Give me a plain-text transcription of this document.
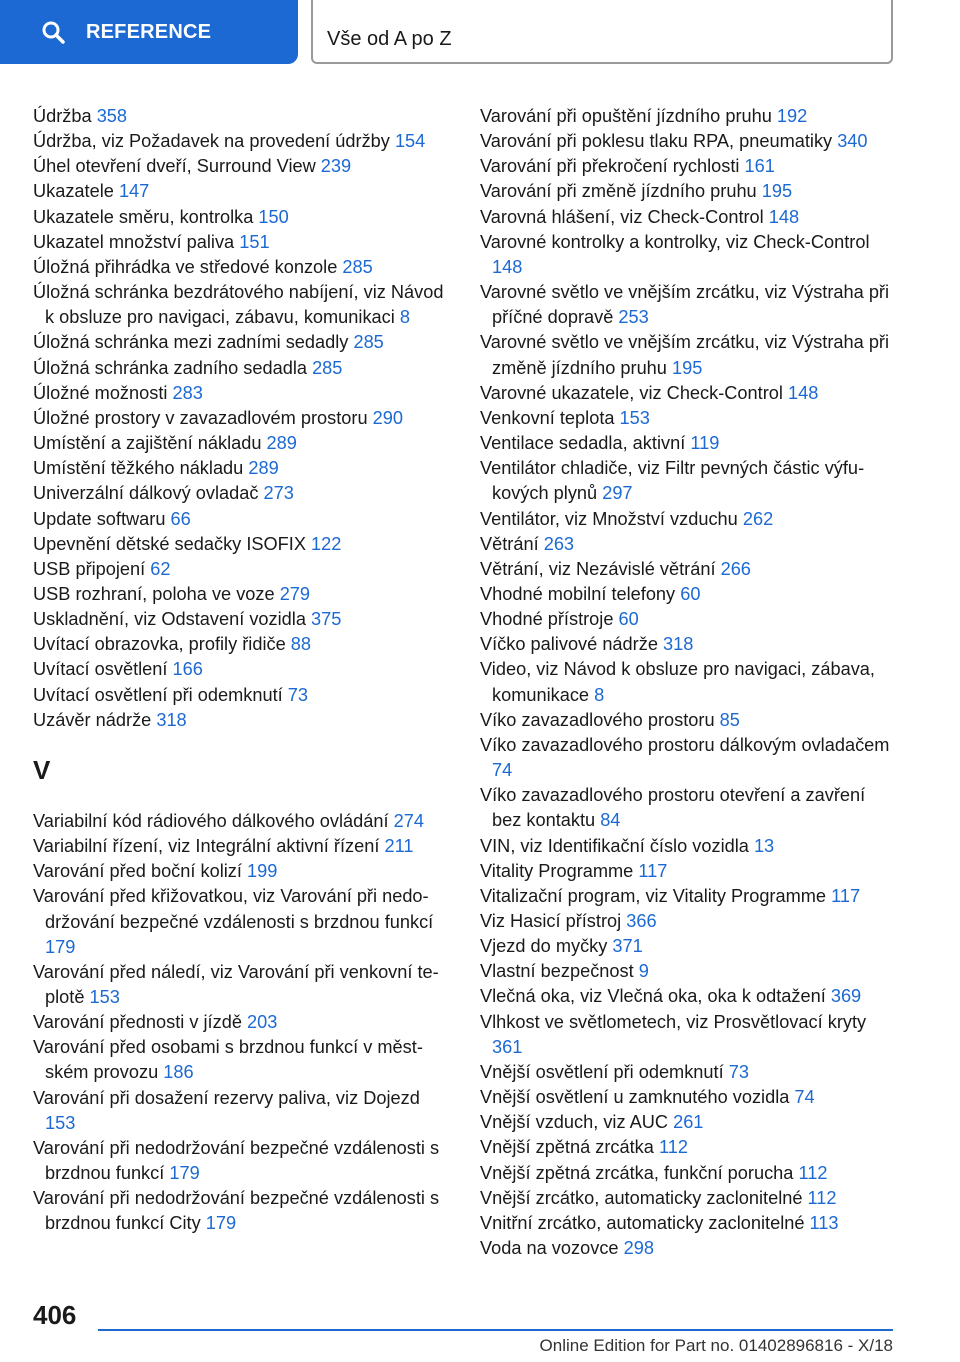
REFERENCE	Vše od A po Z
Údržba 358
Údržba, viz Požadavek na provedení údržby 154
Úhel otevření dveří, Surround View 239
Ukazatele 147
Ukazatele směru, kontrolka 150
Ukazatel množství paliva 151
Úložná přihrádka ve středové konzole 285
Úložná schránka bezdrátového nabíjení, viz Návod k obsluze pro navigaci, zábavu, komunikaci 8
Úložná schránka mezi zadními sedadly 285
Úložná schránka zadního sedadla 285
Úložné možnosti 283
Úložné prostory v zavazadlovém prostoru 290
Umístění a zajištění nákladu 289
Umístění těžkého nákladu 289
Univerzální dálkový ovladač 273
Update softwaru 66
Upevnění dětské sedačky ISOFIX 122
USB připojení 62
USB rozhraní, poloha ve voze 279
Uskladnění, viz Odstavení vozidla 375
Uvítací obrazovka, profily řidiče 88
Uvítací osvětlení 166
Uvítací osvětlení při odemknutí 73
Uzávěr nádrže 318
V
Variabilní kód rádiového dálkového ovládání 274
Variabilní řízení, viz Integrální aktivní řízení 211
Varování před boční kolizí 199
Varování před křižovatkou, viz Varování při nedodržování bezpečné vzdálenosti s brzdnou funkcí 179
Varování před náledí, viz Varování při venkovní teplotě 153
Varování přednosti v jízdě 203
Varování před osobami s brzdnou funkcí v městském provozu 186
Varování při dosažení rezervy paliva, viz Dojezd 153
Varování při nedodržování bezpečné vzdálenosti s brzdnou funkcí 179
Varování při nedodržování bezpečné vzdálenosti s brzdnou funkcí City 179
Varování při opuštění jízdního pruhu 192
Varování při poklesu tlaku RPA, pneumatiky 340
Varování při překročení rychlosti 161
Varování při změně jízdního pruhu 195
Varovná hlášení, viz Check-Control 148
Varovné kontrolky a kontrolky, viz Check-Control 148
Varovné světlo ve vnějším zrcátku, viz Výstraha při příčné dopravě 253
Varovné světlo ve vnějším zrcátku, viz Výstraha při změně jízdního pruhu 195
Varovné ukazatele, viz Check-Control 148
Venkovní teplota 153
Ventilace sedadla, aktivní 119
Ventilátor chladiče, viz Filtr pevných částic výfukových plynů 297
Ventilátor, viz Množství vzduchu 262
Větrání 263
Větrání, viz Nezávislé větrání 266
Vhodné mobilní telefony 60
Vhodné přístroje 60
Víčko palivové nádrže 318
Video, viz Návod k obsluze pro navigaci, zábava, komunikace 8
Víko zavazadlového prostoru 85
Víko zavazadlového prostoru dálkovým ovladačem 74
Víko zavazadlového prostoru otevření a zavření bez kontaktu 84
VIN, viz Identifikační číslo vozidla 13
Vitality Programme 117
Vitalizační program, viz Vitality Programme 117
Viz Hasicí přístroj 366
Vjezd do myčky 371
Vlastní bezpečnost 9
Vlečná oka, viz Vlečná oka, oka k odtažení 369
Vlhkost ve světlometech, viz Prosvětlovací kryty 361
Vnější osvětlení při odemknutí 73
Vnější osvětlení u zamknutého vozidla 74
Vnější vzduch, viz AUC 261
Vnější zpětná zrcátka 112
Vnější zpětná zrcátka, funkční porucha 112
Vnější zrcátko, automaticky zaclonitelné 112
Vnitřní zrcátko, automaticky zaclonitelné 113
Voda na vozovce 298
406
Online Edition for Part no. 01402896816 - X/18
